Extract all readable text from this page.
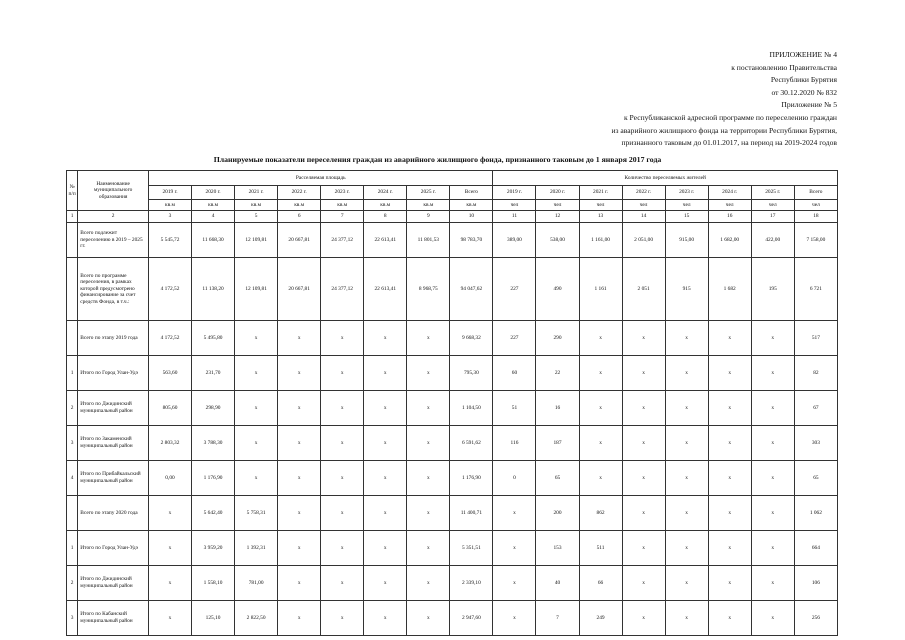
ПРИЛОЖЕНИЕ № 4
к постановлению Правительства
Республики Бурятия
от 30.12.2020 № 832
Приложение № 5
к Республиканской адресной программе по переселению граждан
из аварийного жилищного фонда на территории Республики Бурятия,
признанного таковым до 01.01.2017, на период на 2019-2024 годов
Планируемые показатели переселения граждан из аварийного жилищного фонда, признанного таковым до 1 января 2017 года
№ п/п	Наименование муниципального образования	Расселяемая площадь								Количество переселяемых жителей							
		2019 г.	2020 г.	2021 г.	2022 г.	2023 г.	2024 г.	2025 г.	Всего	2019 г.	2020 г.	2021 г.	2022 г.	2023 г.	2024 г.	2025 г.	Всего
		кв.м	кв.м	кв.м	кв.м	кв.м	кв.м	кв.м	кв.м	чел	чел	чел	чел	чел	чел	чел	чел
1	2	3	4	5	6	7	8	9	10	11	12	13	14	15	16	17	18
	Всего подлежит переселению в 2019 – 2025 гг.	5 545,72	11 668,30	12 109,81	20 667,81	24 377,12	22 613,41	11 801,53	98 783,70	389,00	538,00	1 161,00	2 051,00	915,00	1 682,00	422,00	7 158,00
	Всего по программе переселения, в рамках которой предусмотрено финансирование за счет средств Фонда, в т.ч.:	4 172,52	11 138,20	12 109,81	20 667,81	24 377,12	22 613,41	8 968,75	94 047,62	227	490	1 161	2 051	915	1 682	195	6 721
	Всего по этапу 2019 года	4 172,52	5 495,80	x	x	x	x	x	9 668,32	227	290	x	x	x	x	x	517
1	Итого по Город Улан-Удэ	563,60	231,70	x	x	x	x	x	795,30	60	22	x	x	x	x	x	82
2	Итого по Джидинский муниципальный район	805,60	298,90	x	x	x	x	x	1 104,50	51	16	x	x	x	x	x	67
3	Итого по Закаменский муниципальный район	2 803,32	3 788,30	x	x	x	x	x	6 591,62	116	187	x	x	x	x	x	303
4	Итого по Прибайкальский муниципальный район	0,00	1 176,90	x	x	x	x	x	1 176,90	0	65	x	x	x	x	x	65
	Всего по этапу 2020 года	x	5 642,40	5 758,31	x	x	x	x	11 400,71	x	200	862	x	x	x	x	1 062
1	Итого по Город Улан-Удэ	x	3 959,20	1 392,31	x	x	x	x	5 351,51	x	153	511	x	x	x	x	664
2	Итого по Джидинский муниципальный район	x	1 558,10	781,00	x	x	x	x	2 339,10	x	40	66	x	x	x	x	106
3	Итого по Кабанский муниципальный район	x	125,10	2 822,50	x	x	x	x	2 947,60	x	7	249	x	x	x	x	256
